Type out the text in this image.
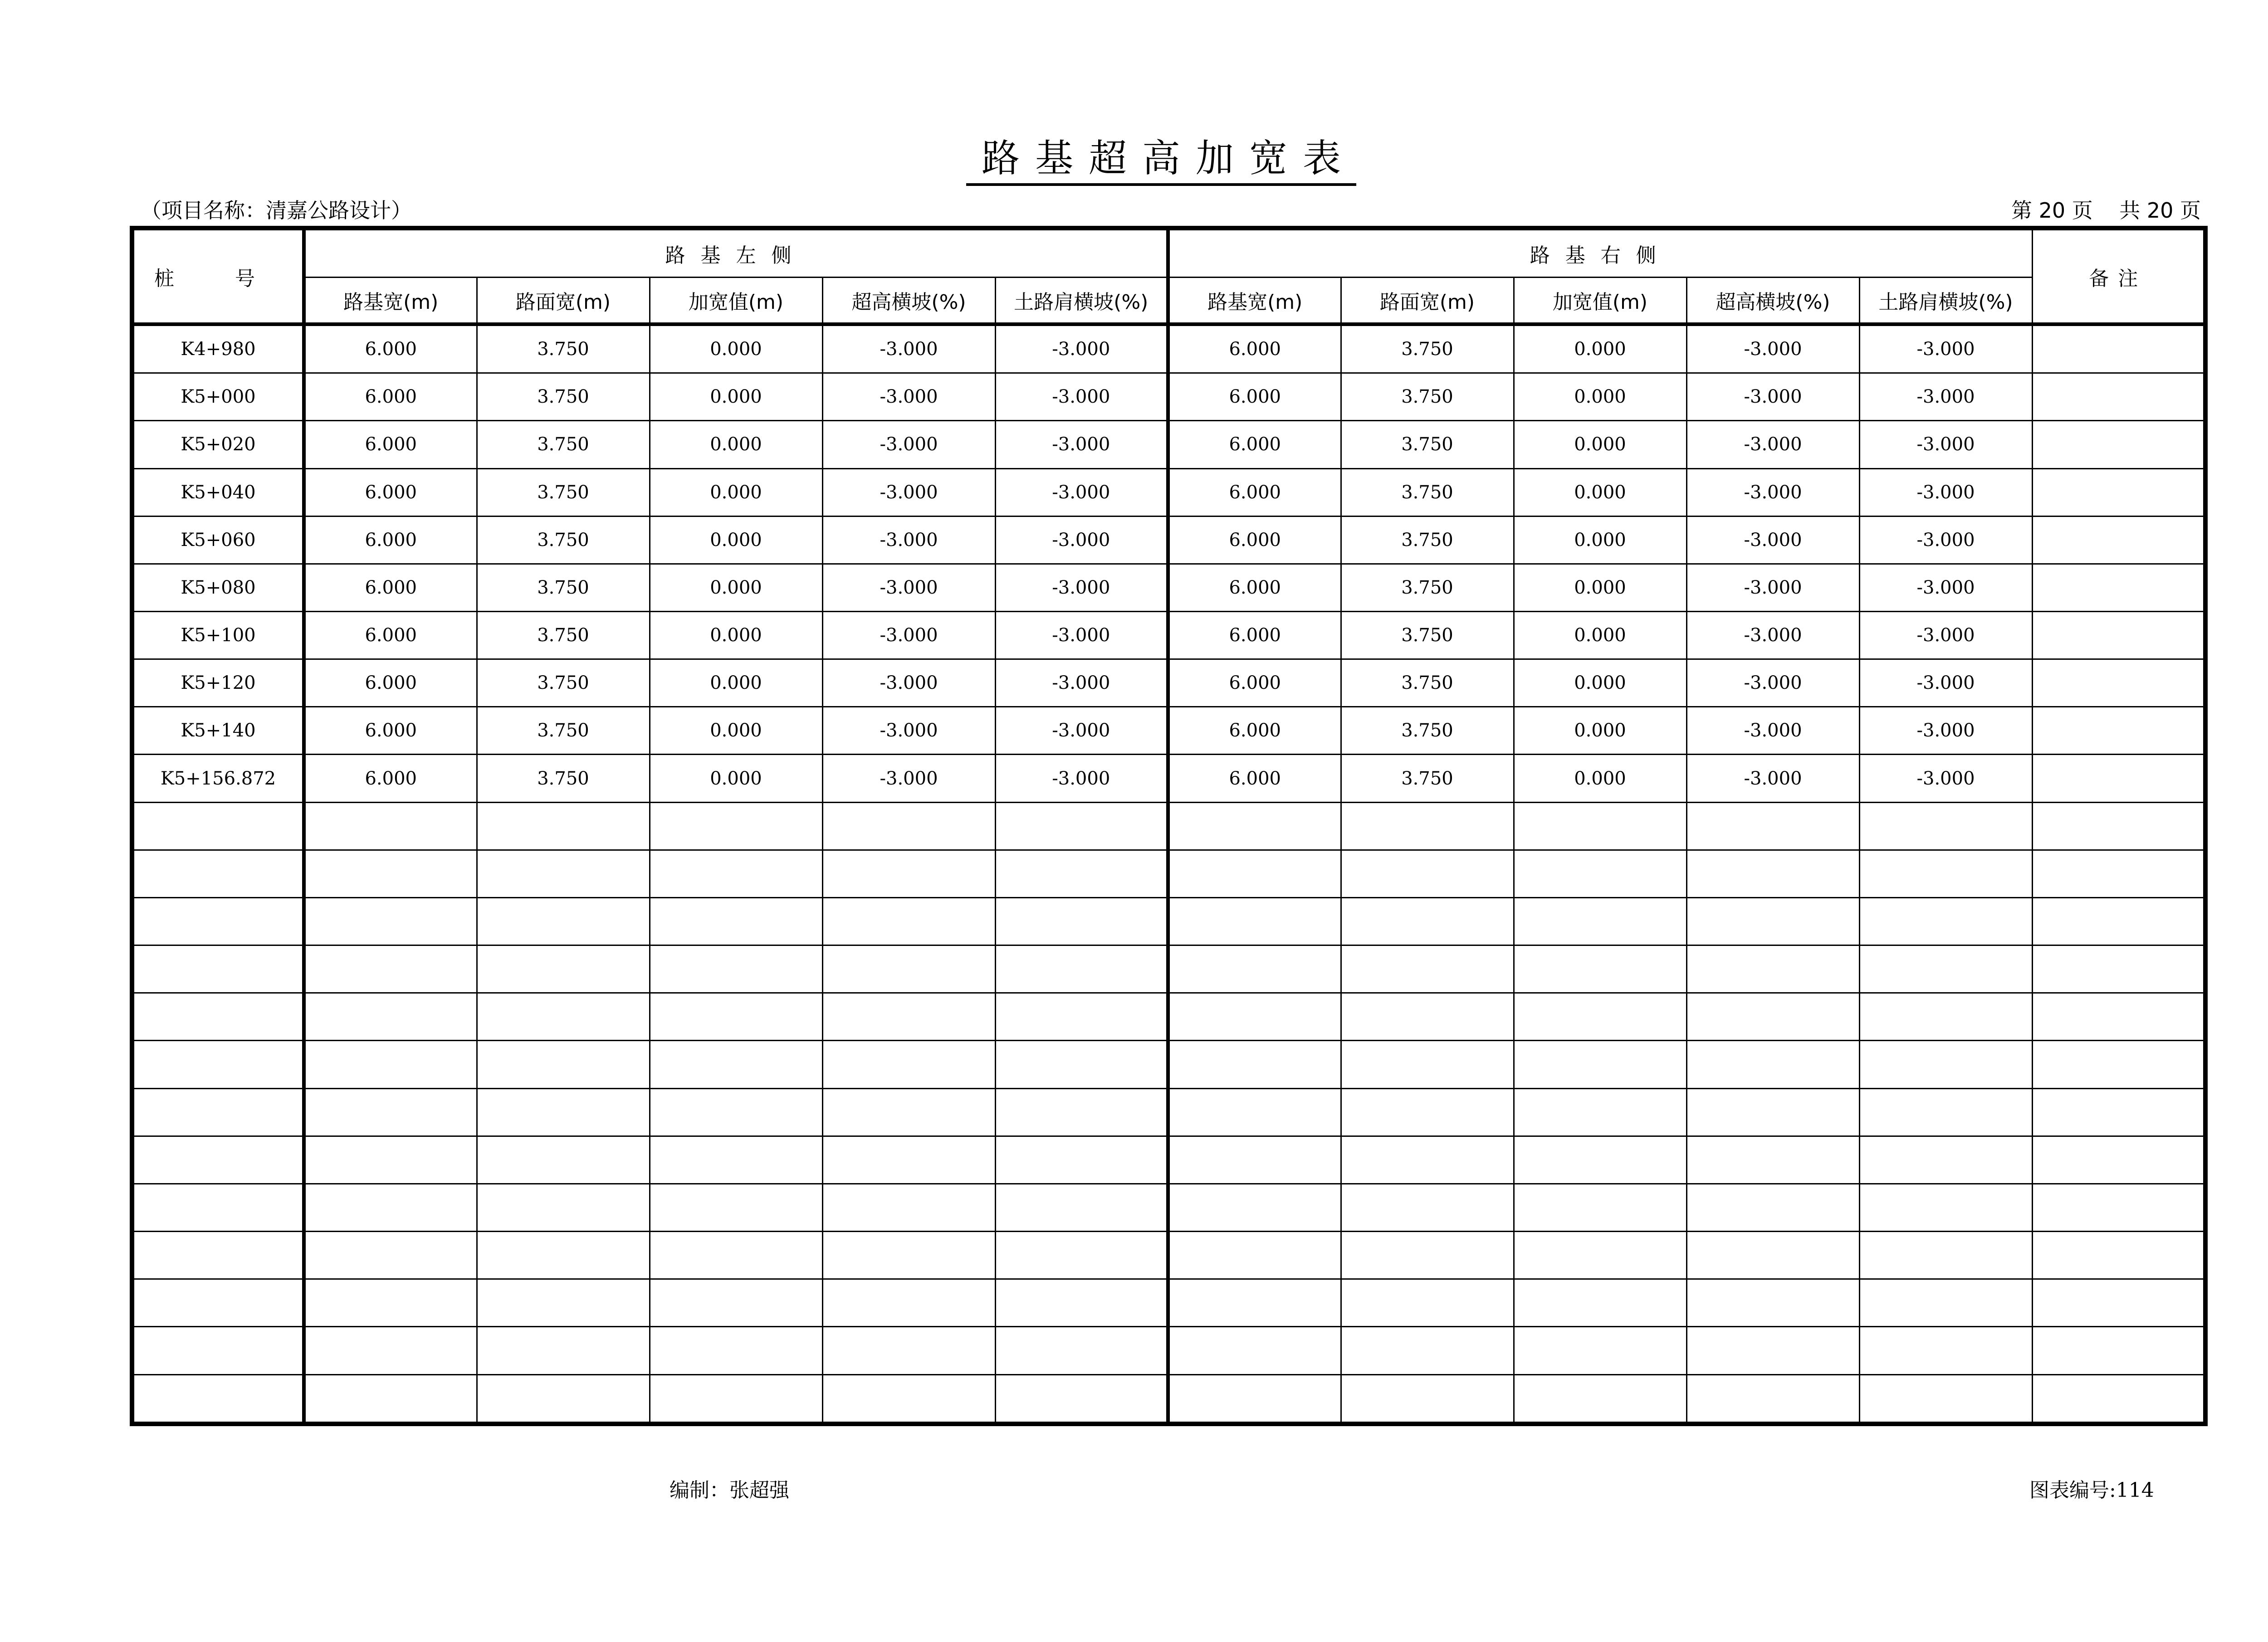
路基超高加宽表
（项目名称：清嘉公路设计）	第 20 页    共 20 页
桩 号	路基左侧					路基右侧					备注
	路基宽(m)	路面宽(m)	加宽值(m)	超高横坡(%)	土路肩横坡(%)	路基宽(m)	路面宽(m)	加宽值(m)	超高横坡(%)	土路肩横坡(%)	
K4+980	6.000	3.750	0.000	-3.000	-3.000	6.000	3.750	0.000	-3.000	-3.000	
K5+000	6.000	3.750	0.000	-3.000	-3.000	6.000	3.750	0.000	-3.000	-3.000	
K5+020	6.000	3.750	0.000	-3.000	-3.000	6.000	3.750	0.000	-3.000	-3.000	
K5+040	6.000	3.750	0.000	-3.000	-3.000	6.000	3.750	0.000	-3.000	-3.000	
K5+060	6.000	3.750	0.000	-3.000	-3.000	6.000	3.750	0.000	-3.000	-3.000	
K5+080	6.000	3.750	0.000	-3.000	-3.000	6.000	3.750	0.000	-3.000	-3.000	
K5+100	6.000	3.750	0.000	-3.000	-3.000	6.000	3.750	0.000	-3.000	-3.000	
K5+120	6.000	3.750	0.000	-3.000	-3.000	6.000	3.750	0.000	-3.000	-3.000	
K5+140	6.000	3.750	0.000	-3.000	-3.000	6.000	3.750	0.000	-3.000	-3.000	
K5+156.872	6.000	3.750	0.000	-3.000	-3.000	6.000	3.750	0.000	-3.000	-3.000	

编制：张超强	图表编号:114
